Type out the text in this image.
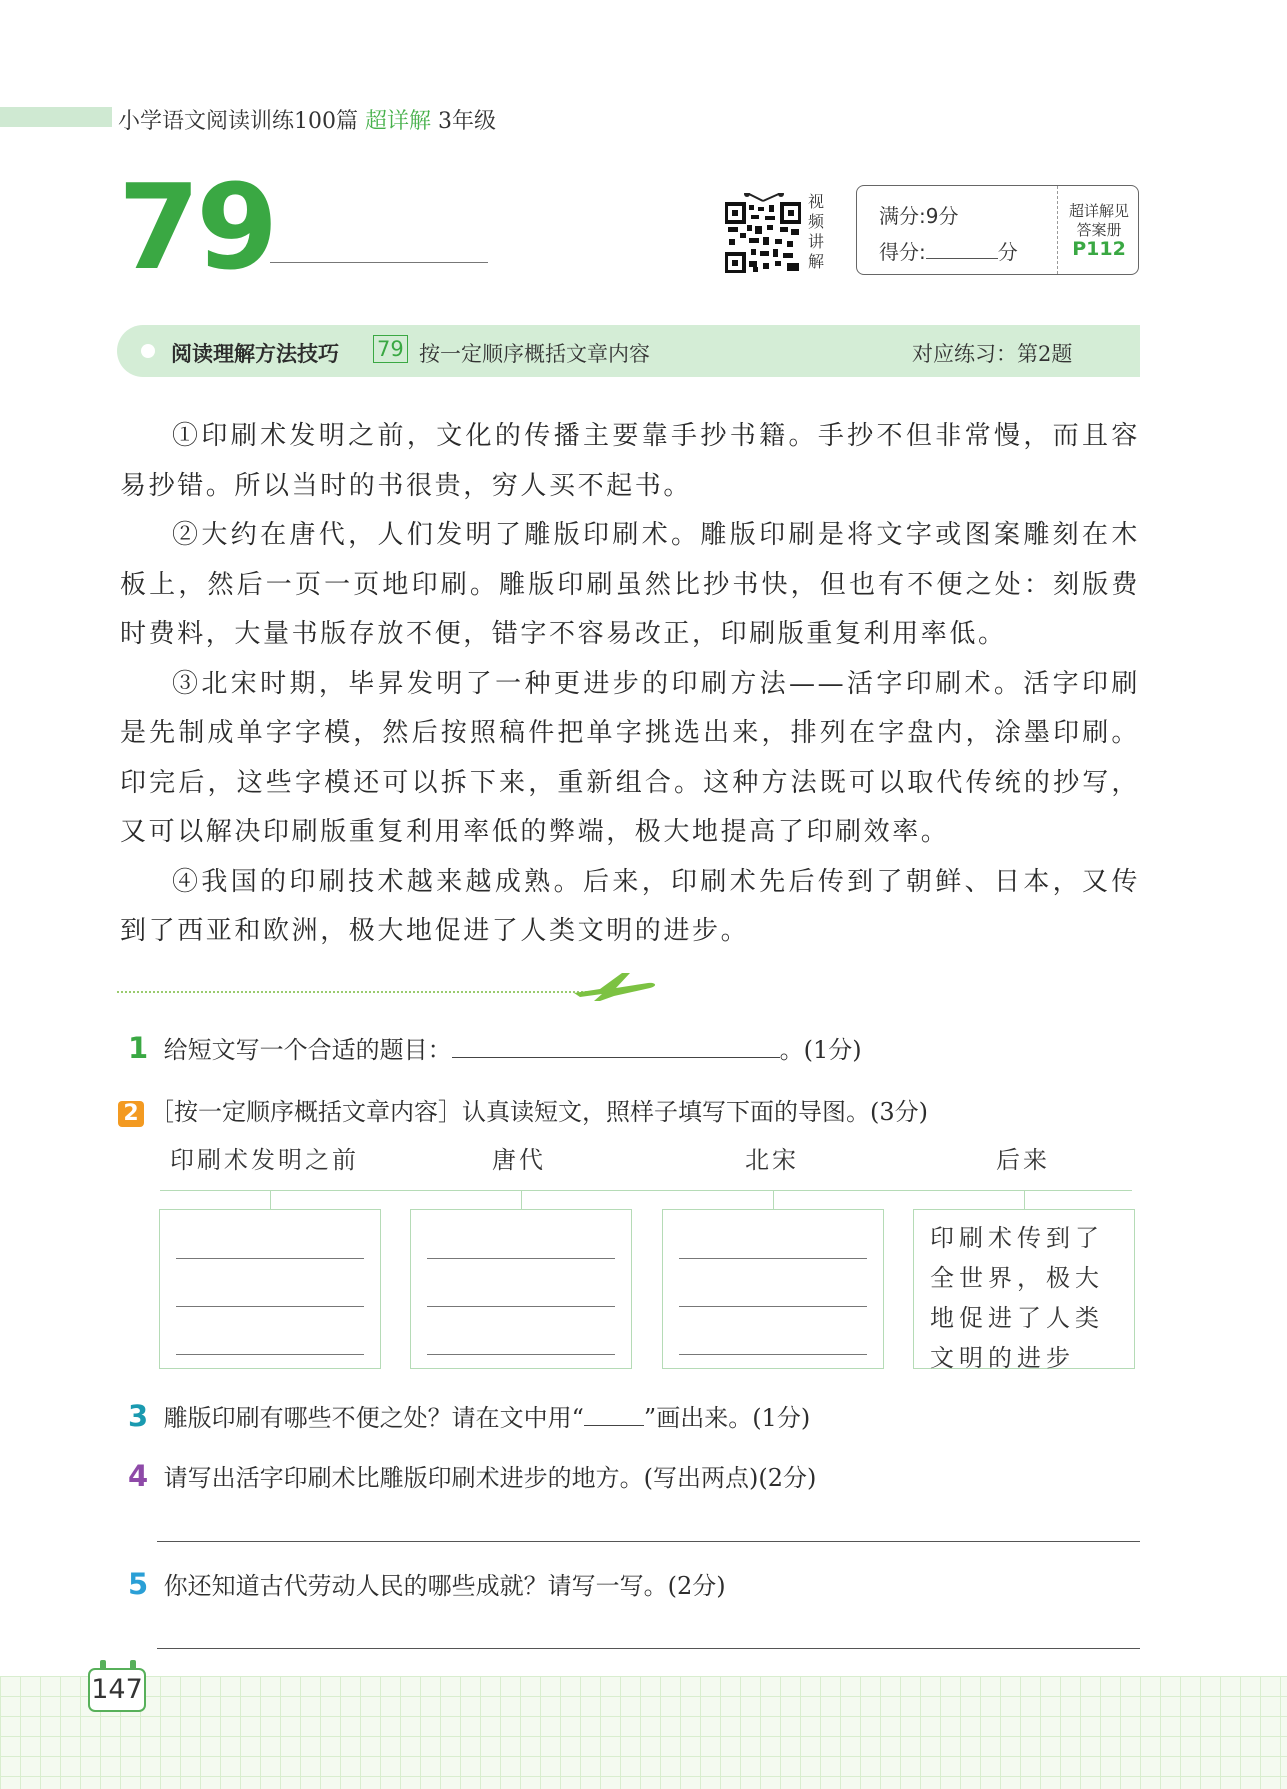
小学语文阅读训练100篇 超详解 3年级
79	视
频
讲
解
满分:9分
得分:	分
超详解见
答案册
P112
阅读理解方法技巧 79 按一定顺序概括文章内容	对应练习：第2题

①印刷术发明之前，文化的传播主要靠手抄书籍。手抄不但非常慢，而且容易抄错。所以当时的书很贵，穷人买不起书。

②大约在唐代，人们发明了雕版印刷术。雕版印刷是将文字或图案雕刻在木板上，然后一页一页地印刷。雕版印刷虽然比抄书快，但也有不便之处：刻版费时费料，大量书版存放不便，错字不容易改正，印刷版重复利用率低。

③北宋时期，毕昇发明了一种更进步的印刷方法——活字印刷术。活字印刷是先制成单字字模，然后按照稿件把单字挑选出来，排列在字盘内，涂墨印刷。印完后，这些字模还可以拆下来，重新组合。这种方法既可以取代传统的抄写，又可以解决印刷版重复利用率低的弊端，极大地提高了印刷效率。

④我国的印刷技术越来越成熟。后来，印刷术先后传到了朝鲜、日本，又传到了西亚和欧洲，极大地促进了人类文明的进步。

1 给短文写一个合适的题目：	。(1分)
2 ［按一定顺序概括文章内容］认真读短文，照样子填写下面的导图。(3分)
印刷术发明之前	唐代	北宋	后来
印刷术传到了全世界，极大地促进了人类文明的进步
3 雕版印刷有哪些不便之处？请在文中用“	”画出来。(1分)
4 请写出活字印刷术比雕版印刷术进步的地方。(写出两点)(2分)
5 你还知道古代劳动人民的哪些成就？请写一写。(2分)
147
